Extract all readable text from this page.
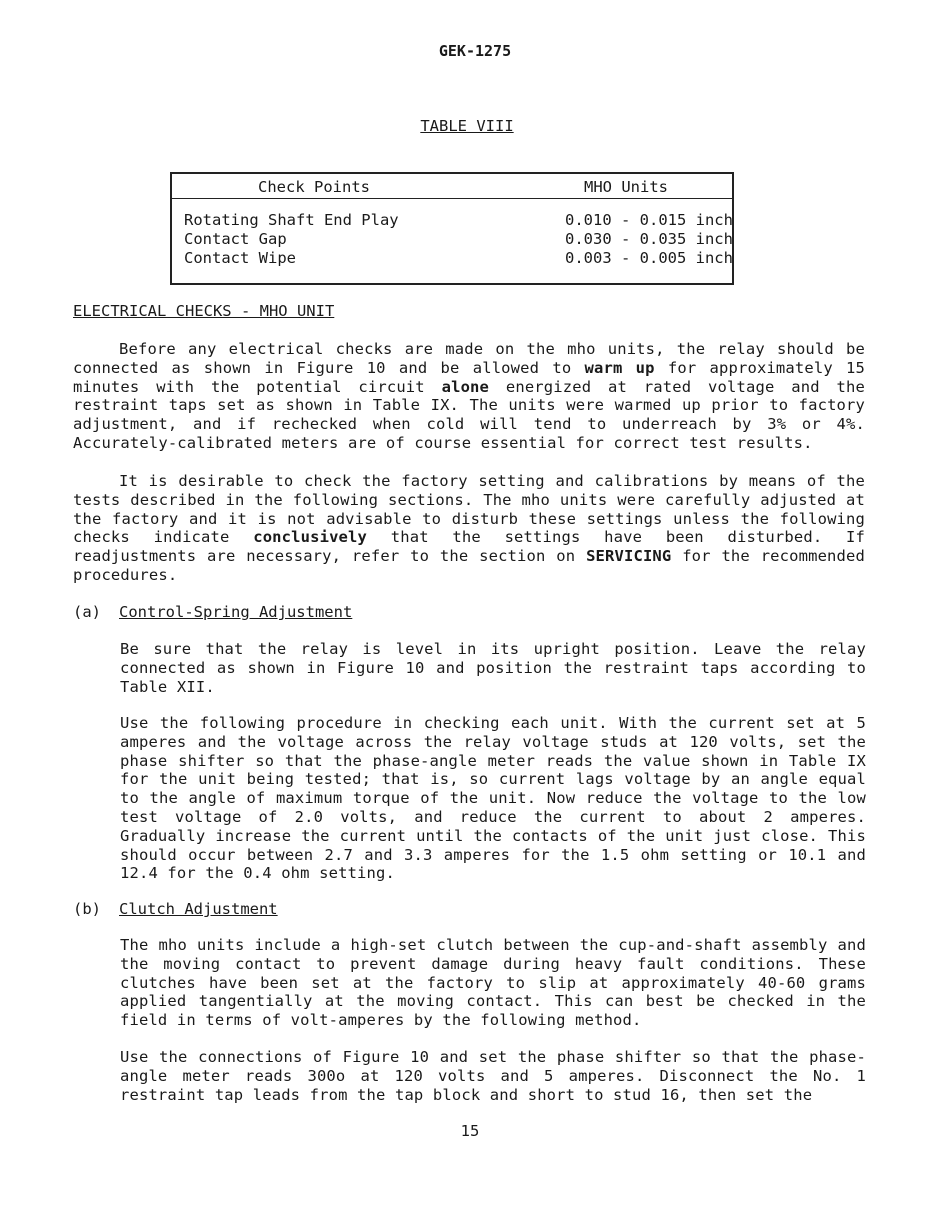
GEK-1275
TABLE VIII
Check Points	MHO Units
Rotating Shaft End Play	0.010 - 0.015 inch
Contact Gap	0.030 - 0.035 inch
Contact Wipe	0.003 - 0.005 inch
ELECTRICAL CHECKS - MHO UNIT

Before any electrical checks are made on the mho units, the relay should be connected as shown in Figure 10 and be allowed to warm up for approximately 15 minutes with the potential circuit alone energized at rated voltage and the restraint taps set as shown in Table IX. The units were warmed up prior to factory adjustment, and if rechecked when cold will tend to underreach by 3% or 4%. Accurately-calibrated meters are of course essential for correct test results.

It is desirable to check the factory setting and calibrations by means of the tests described in the following sections. The mho units were carefully adjusted at the factory and it is not advisable to disturb these settings unless the following checks indicate conclusively that the settings have been disturbed. If readjustments are necessary, refer to the section on SERVICING for the recommended procedures.

(a) Control-Spring Adjustment

Be sure that the relay is level in its upright position. Leave the relay connected as shown in Figure 10 and position the restraint taps according to Table XII.

Use the following procedure in checking each unit. With the current set at 5 amperes and the voltage across the relay voltage studs at 120 volts, set the phase shifter so that the phase-angle meter reads the value shown in Table IX for the unit being tested; that is, so current lags voltage by an angle equal to the angle of maximum torque of the unit. Now reduce the voltage to the low test voltage of 2.0 volts, and reduce the current to about 2 amperes. Gradually increase the current until the contacts of the unit just close. This should occur between 2.7 and 3.3 amperes for the 1.5 ohm setting or 10.1 and 12.4 for the 0.4 ohm setting.

(b) Clutch Adjustment

The mho units include a high-set clutch between the cup-and-shaft assembly and the moving contact to prevent damage during heavy fault conditions. These clutches have been set at the factory to slip at approximately 40-60 grams applied tangentially at the moving contact. This can best be checked in the field in terms of volt-amperes by the following method.

Use the connections of Figure 10 and set the phase shifter so that the phase-angle meter reads 300o at 120 volts and 5 amperes. Disconnect the No. 1 restraint tap leads from the tap block and short to stud 16, then set the

15
